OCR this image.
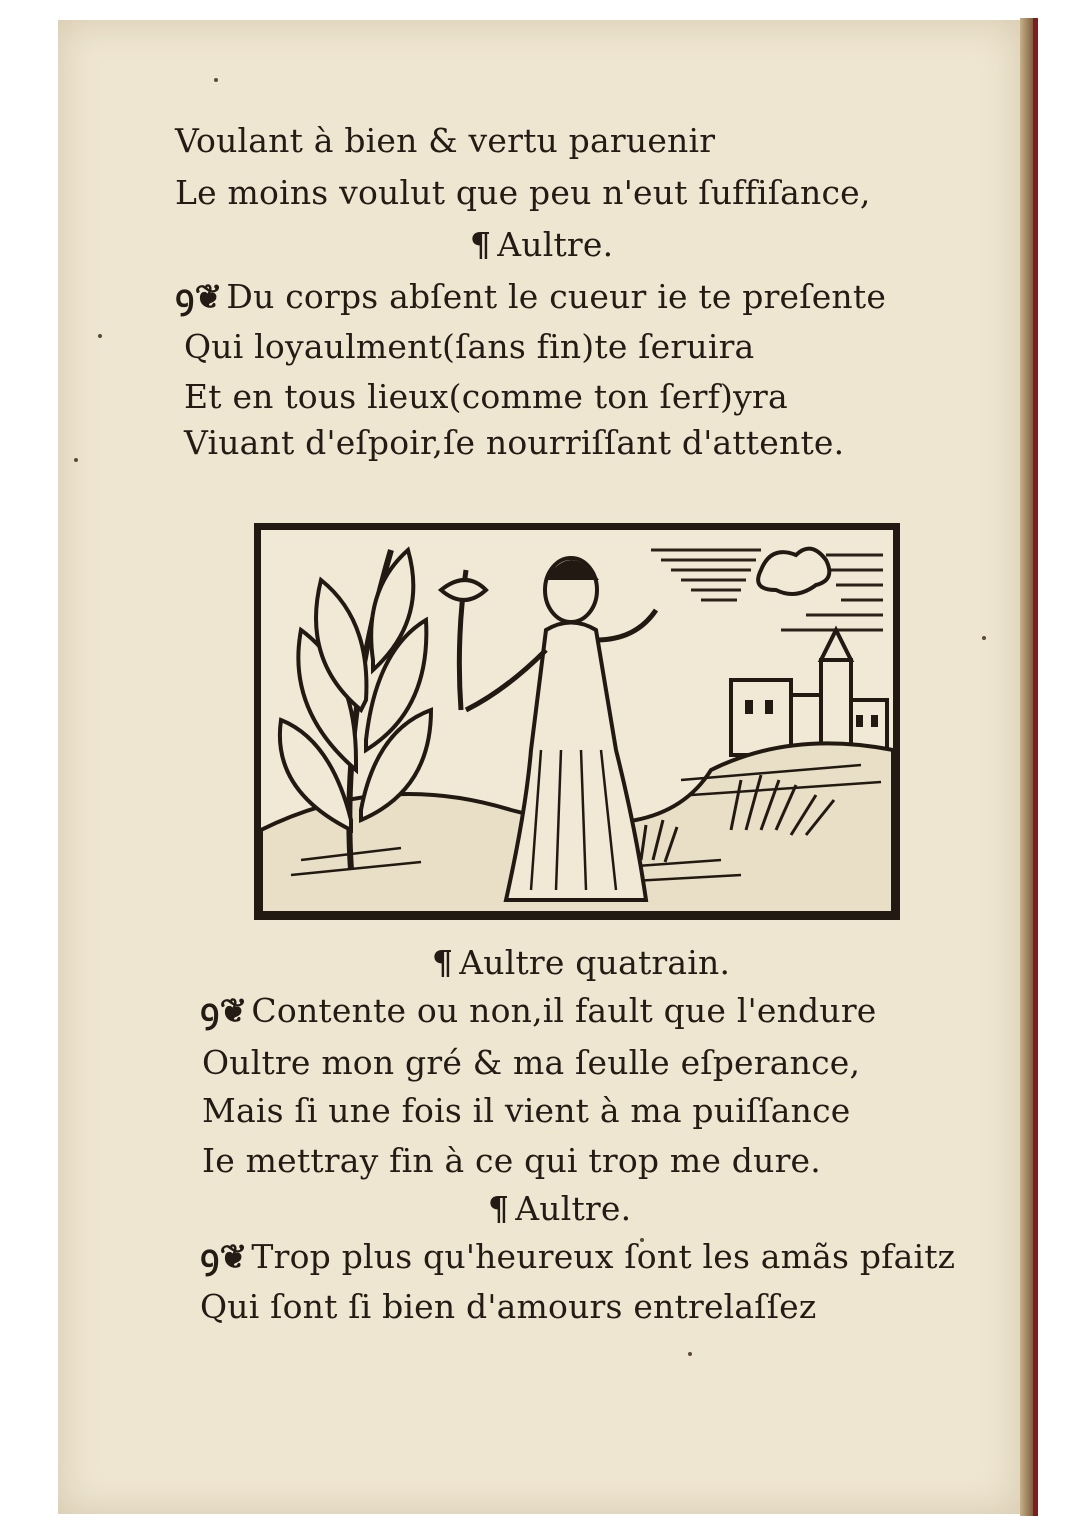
Voulant à bien & vertu paruenir

Le moins voulut que peu n'eut ſuffiſance,

¶ Aultre.

ꝯ❦ Du corps abſent le cueur ie te preſente

Qui loyaulment(ſans fin)te ſeruira

Et en tous lieux(comme ton ſerf)yra

Viuant d'eſpoir,ſe nourriſſant d'attente.

¶ Aultre quatrain.

ꝯ❦ Contente ou non,il fault que l'endure

Oultre mon gré & ma ſeulle eſperance,

Mais ſi une fois il vient à ma puiſſance

Ie mettray fin à ce qui trop me dure.

¶ Aultre.

ꝯ❦ Trop plus qu'heureux ſont les amãs pfaitz

Qui ſont ſi bien d'amours entrelaſſez
